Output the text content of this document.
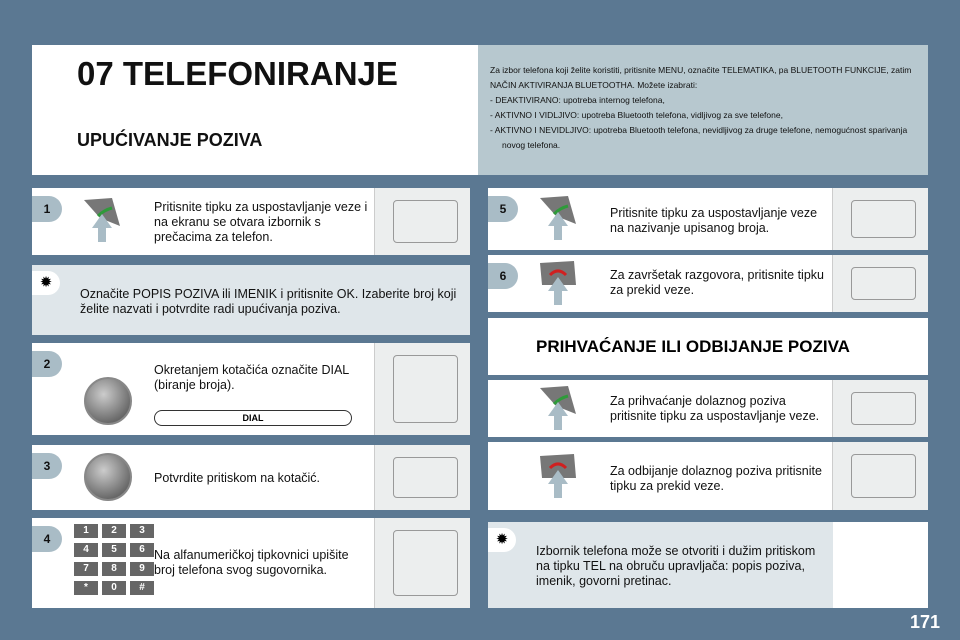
07 TELEFONIRANJE
UPUĆIVANJE POZIVA
Za izbor telefona koji želite koristiti, pritisnite MENU, označite TELEMATIKA, pa BLUETOOTH FUNKCIJE, zatim NAČIN AKTIVIRANJA BLUETOOTHA. Možete izabrati:
- DEAKTIVIRANO: upotreba internog telefona,
- AKTIVNO I VIDLJIVO: upotreba Bluetooth telefona, vidljivog za sve telefone,
- AKTIVNO I NEVIDLJIVO: upotreba Bluetooth telefona, nevidljivog za druge telefone, nemogućnost sparivanja novog telefona.
1	Pritisnite tipku za uspostavljanje veze i na ekranu se otvara izbornik s prečacima za telefon.
✹
Označite POPIS POZIVA ili IMENIK i pritisnite OK. Izaberite broj koji želite nazvati i potvrdite radi upućivanja poziva.
2	Okretanjem kotačića označite DIAL (biranje broja).
DIAL
3
Potvrdite pritiskom na kotačić.
4
1	2	3
4	5	6
7	8	9
*	0	#
Na alfanumeričkoj tipkovnici upišite broj telefona svog sugovornika.
5	Pritisnite tipku za uspostavljanje veze na nazivanje upisanog broja.
6	Za završetak razgovora, pritisnite tipku za prekid veze.
PRIHVAĆANJE ILI ODBIJANJE POZIVA
Za prihvaćanje dolaznog poziva pritisnite tipku za uspostavljanje veze.
Za odbijanje dolaznog poziva pritisnite tipku za prekid veze.
✹
Izbornik telefona može se otvoriti i dužim pritiskom na tipku TEL na obruču upravljača: popis poziva, imenik, govorni pretinac.
171
